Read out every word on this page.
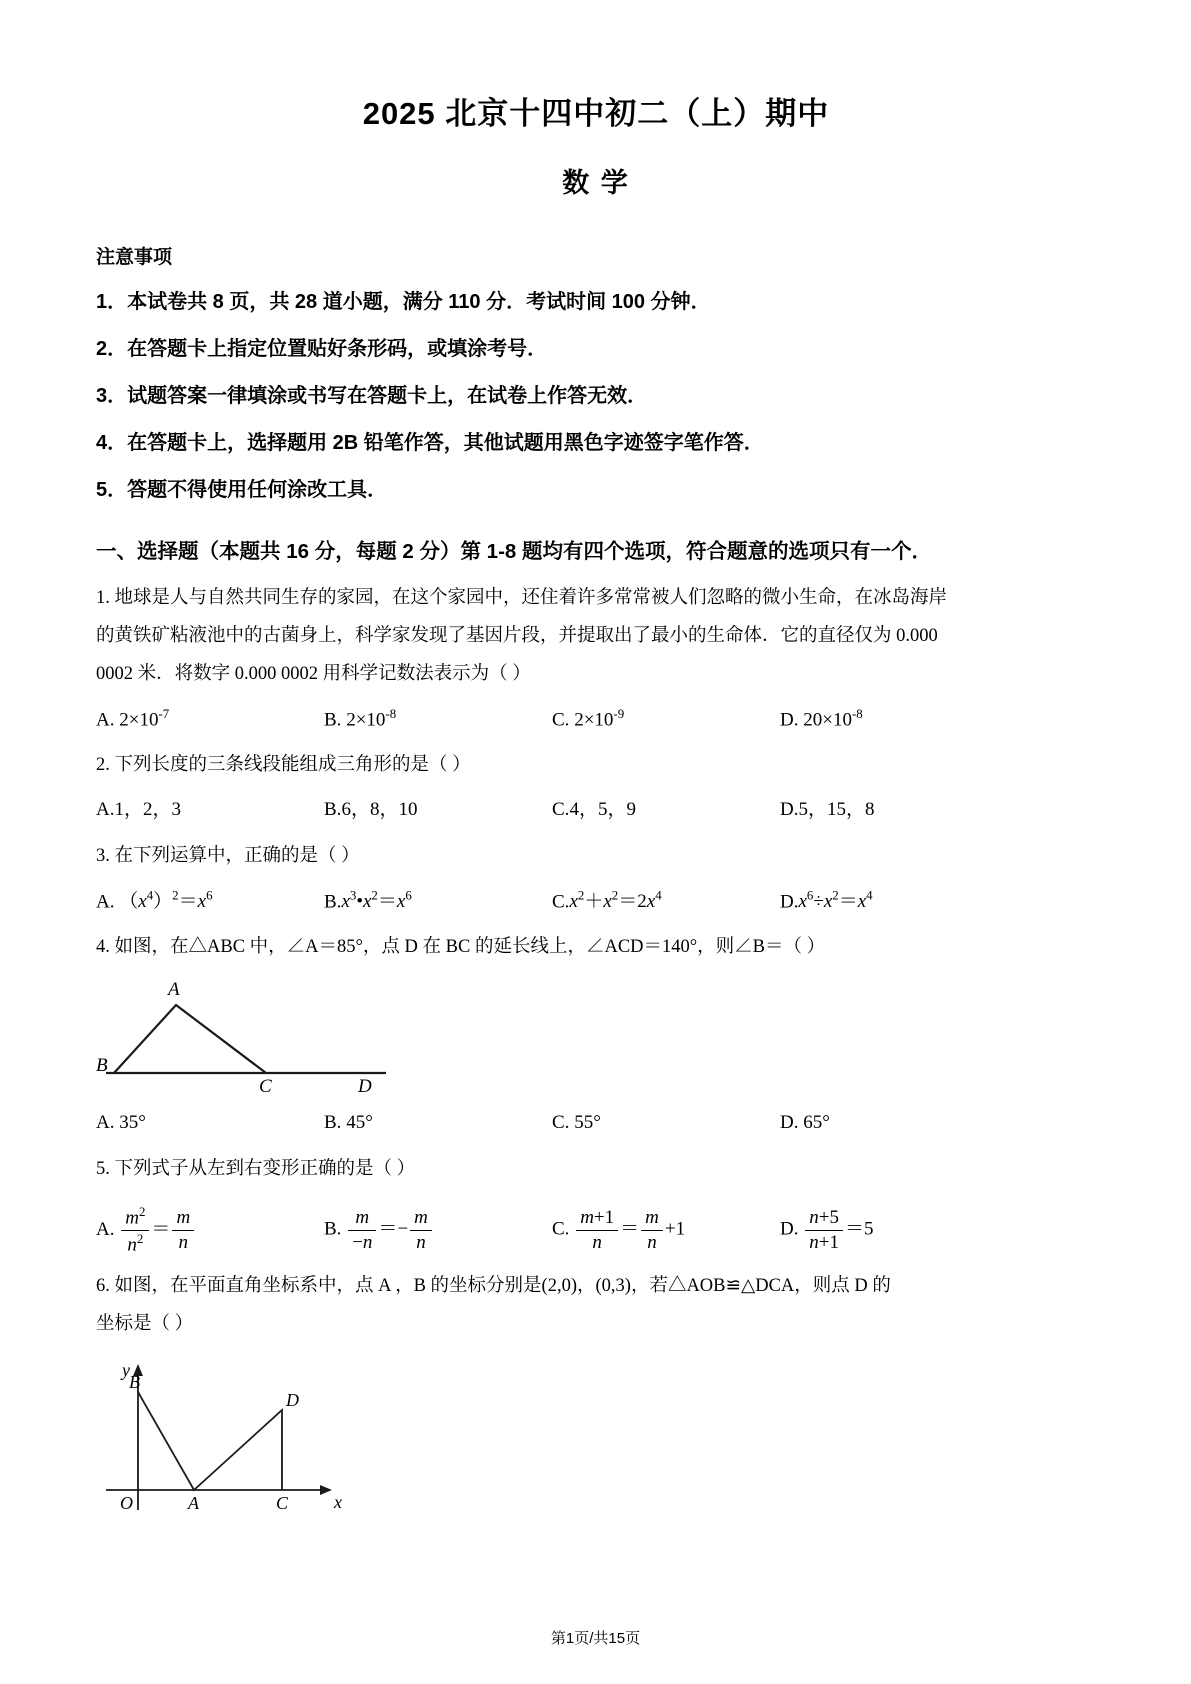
2025 北京十四中初二（上）期中
数 学
注意事项
1．本试卷共 8 页，共 28 道小题，满分 110 分．考试时间 100 分钟．
2．在答题卡上指定位置贴好条形码，或填涂考号．
3．试题答案一律填涂或书写在答题卡上，在试卷上作答无效．
4．在答题卡上，选择题用 2B 铅笔作答，其他试题用黑色字迹签字笔作答．
5．答题不得使用任何涂改工具．
一、选择题（本题共 16 分，每题 2 分）第 1-8 题均有四个选项，符合题意的选项只有一个．
1. 地球是人与自然共同生存的家园，在这个家园中，还住着许多常常被人们忽略的微小生命，在冰岛海岸
的黄铁矿粘液池中的古菌身上，科学家发现了基因片段，并提取出了最小的生命体．它的直径仅为 0.000
0002 米．将数字 0.000 0002 用科学记数法表示为（ ）
A. $2\times 10^{-7}$	B. $2\times 10^{-8}$	C. $2\times 10^{-9}$	D. $20\times 10^{-8}$
2. 下列长度的三条线段能组成三角形的是（ ）
A.1，2，3	B.6，8，10	C.4，5，9	D.5，15，8
3. 在下列运算中，正确的是（ ）
A. $(x^4)^2=x^6$	$B.x^3•x^2=x^6$	$C.x^2+x^2=2x^4$	$D.x^6\div x^2=x^4$
4. 如图，在△ABC 中，∠A＝85°，点 D 在 BC 的延长线上，∠ACD＝140°，则∠B＝（ ）
A
B
C	D
A. 35°	B. 45°	C. 55°	D. 65°
5. 下列式子从左到右变形正确的是（ ）
A. $\frac{m^2}{n^2} = \frac{m}{n}$	B. $\frac{m}{-n} =- \frac{m}{n}$	C. $\frac{m+1}{n} = \frac{m}{n} +1$	D. $\frac{n+5}{n+1} =5$
6. 如图，在平面直角坐标系中，点 A ，B 的坐标分别是(2,0)，(0,3)，若△AOB≌△DCA，则点 D 的
坐标是（ ）
B
D
O	A	C	x
y
第1页/共15页
